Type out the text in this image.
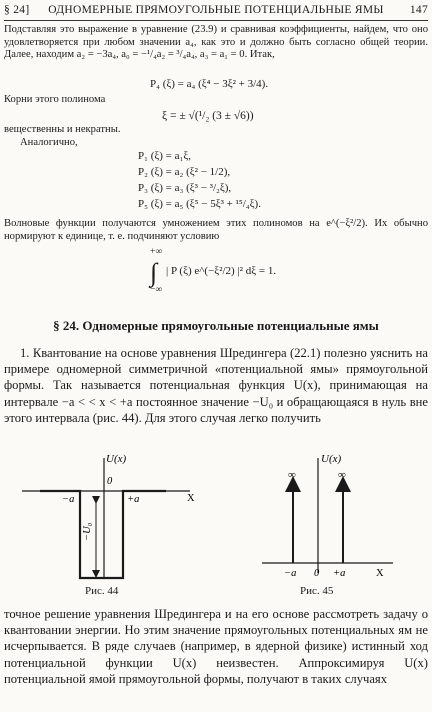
§ 24]	ОДНОМЕРНЫЕ ПРЯМОУГОЛЬНЫЕ ПОТЕНЦИАЛЬНЫЕ ЯМЫ	147
Подставляя это выражение в уравнение (23.9) и сравнивая коэффициенты, найдем, что оно удовлетворяется при любом значении a₄, как это и должно быть согласно общей теории. Далее, находим a₂ = −3a₄, a₀ = −¹/₄a₂ = ³/₄a₄, a₃ = a₁ = 0. Итак,
P₄ (ξ) = a₄ (ξ⁴ − 3ξ² + 3/4).
Корни этого полинома
ξ = ± √(¹/₂ (3 ± √6))
вещественны и некратны.
Аналогично,
P₁ (ξ) = a₁ξ,
P₂ (ξ) = a₂ (ξ² − 1/2),
P₃ (ξ) = a₃ (ξ³ − ³/₂ξ),
P₅ (ξ) = a₅ (ξ⁵ − 5ξ³ + ¹⁵/₄ξ).
Волновые функции получаются умножением этих полиномов на e^(−ξ²/2). Их обычно нормируют к единице, т. е. подчиняют условию
+∞
∫ | P (ξ) e^(−ξ²/2) |² dξ = 1.
−∞
§ 24. Одномерные прямоугольные потенциальные ямы
1. Квантование на основе уравнения Шредингера (22.1) полезно уяснить на примере одномерной симметричной «потенциальной ямы» прямоугольной формы. Так называется потенциальная функция U(x), принимающая на интервале −a < < x < +a постоянное значение −U₀ и обращающаяся в нуль вне этого интервала (рис. 44). Для этого случая легко получить
U(x)
0
X
−a	+a
−U₀
∞	∞
U(x)
X
−a 0 +a
Рис. 44	Рис. 45
точное решение уравнения Шредингера и на его основе рассмотреть задачу о квантовании энергии. Но этим значение прямоугольных потенциальных ям не исчерпывается. В ряде случаев (например, в ядерной физике) истинный ход потенциальной функции U(x) неизвестен. Аппроксимируя U(x) потенциальной ямой прямоугольной формы, получают в таких случаях
